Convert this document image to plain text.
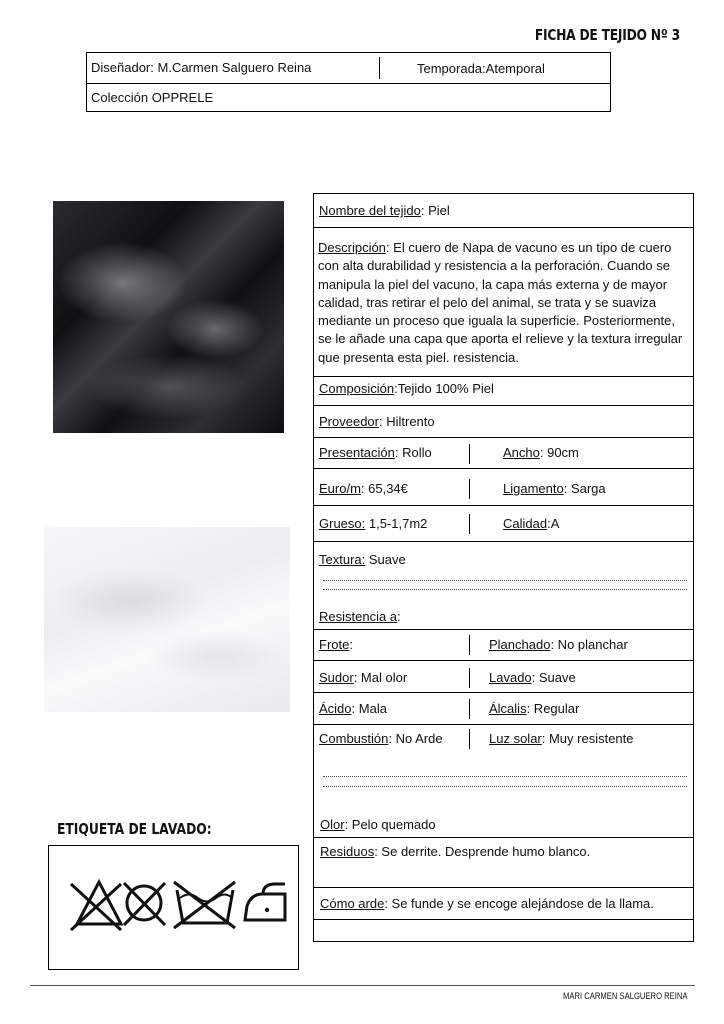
FICHA DE TEJIDO Nº 3
Diseñador: M.Carmen Salguero Reina	Temporada:Atemporal
Colección OPPRELE
Nombre del tejido: Piel
Descripción: El cuero de Napa de vacuno es un tipo de cuero con alta durabilidad y resistencia a la perforación. Cuando se manipula la piel del vacuno, la capa más externa y de mayor calidad, tras retirar el pelo del animal, se trata y se suaviza mediante un proceso que iguala la superficie. Posteriormente, se le añade una capa que aporta el relieve y la textura irregular que presenta esta piel. resistencia.
Composición:Tejido 100% Piel
Proveedor: Hiltrento
Presentación: Rollo	Ancho: 90cm
Euro/m: 65,34€	Ligamento: Sarga
Grueso: 1,5-1,7m2	Calidad:A
Textura: Suave
Resistencia a:
Frote:	Planchado: No planchar
Sudor: Mal olor	Lavado: Suave
Ácido: Mala	Álcalis: Regular
Combustión: No Arde	Luz solar: Muy resistente
Olor: Pelo quemado
Residuos: Se derrite. Desprende humo blanco.
Cómo arde: Se funde y se encoge alejándose de la llama.
ETIQUETA DE LAVADO:
MARI CARMEN SALGUERO REINA
